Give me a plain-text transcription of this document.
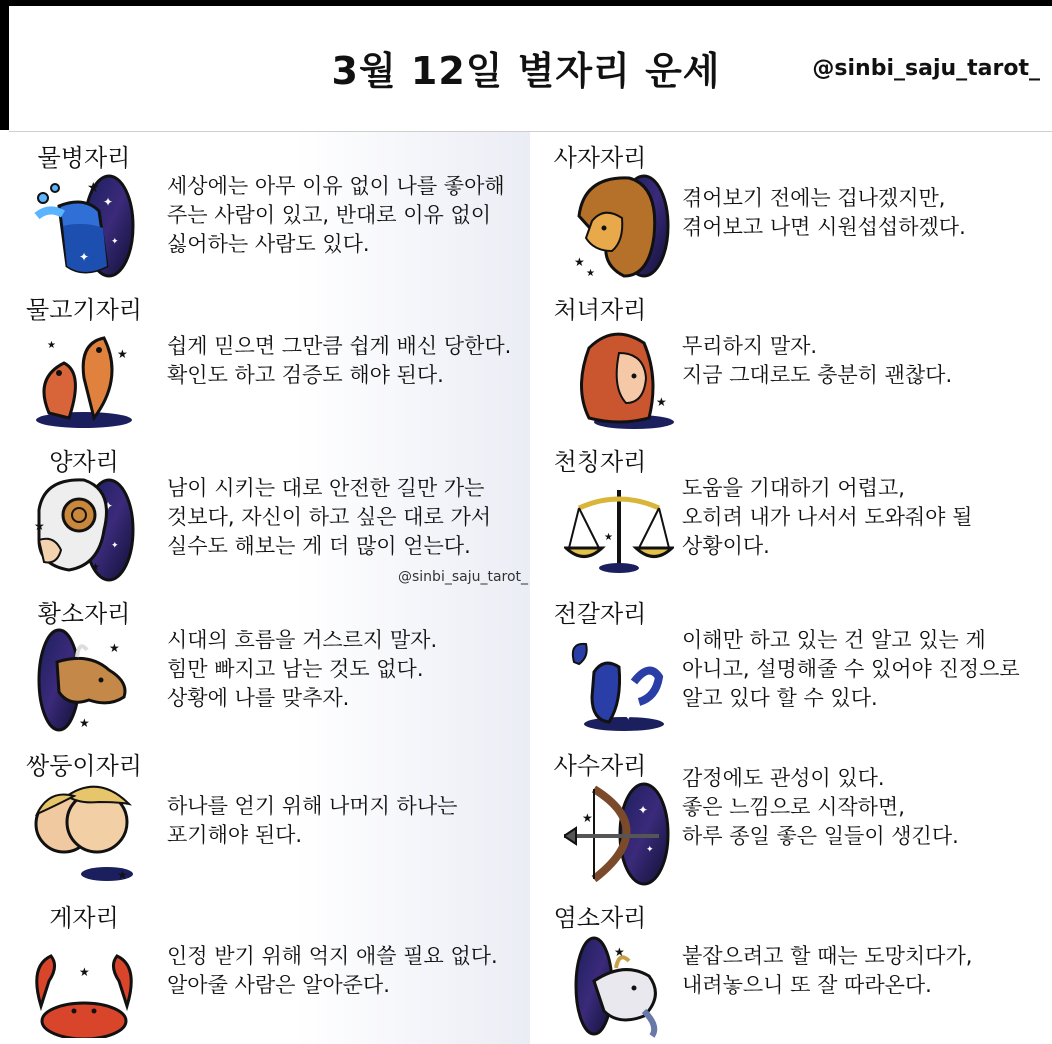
3월 12일 별자리 운세	@sinbi_saju_tarot_
물병자리
★
✦
세상에는 아무 이유 없이 나를 좋아해
주는 사람이 있고, 반대로 이유 없이
싫어하는 사람도 있다.
사자자리
★
★
겪어보기 전에는 겁나겠지만,
겪어보고 나면 시원섭섭하겠다.
물고기자리
★
★	쉽게 믿으면 그만큼 쉽게 배신 당한다.
확인도 하고 검증도 해야 된다.
처녀자리
★
무리하지 말자.
지금 그대로도 충분히 괜찮다.
양자리
★
★
남이 시키는 대로 안전한 길만 가는
것보다, 자신이 하고 싶은 대로 가서
실수도 해보는 게 더 많이 얻는다.
천칭자리
★
도움을 기대하기 어렵고,
오히려 내가 나서서 도와줘야 될
상황이다.
황소자리
★
★
시대의 흐름을 거스르지 말자.
힘만 빠지고 남는 것도 없다.
상황에 나를 맞추자.
전갈자리
✦
이해만 하고 있는 건 알고 있는 게
아니고, 설명해줄 수 있어야 진정으로
알고 있다 할 수 있다.
쌍둥이자리
★
하나를 얻기 위해 나머지 하나는
포기해야 된다.
사수자리
★
감정에도 관성이 있다.
좋은 느낌으로 시작하면,
하루 종일 좋은 일들이 생긴다.
게자리
★
인정 받기 위해 억지 애쓸 필요 없다.
알아줄 사람은 알아준다.
염소자리
★	붙잡으려고 할 때는 도망치다가,
내려놓으니 또 잘 따라온다.
@sinbi_saju_tarot_
